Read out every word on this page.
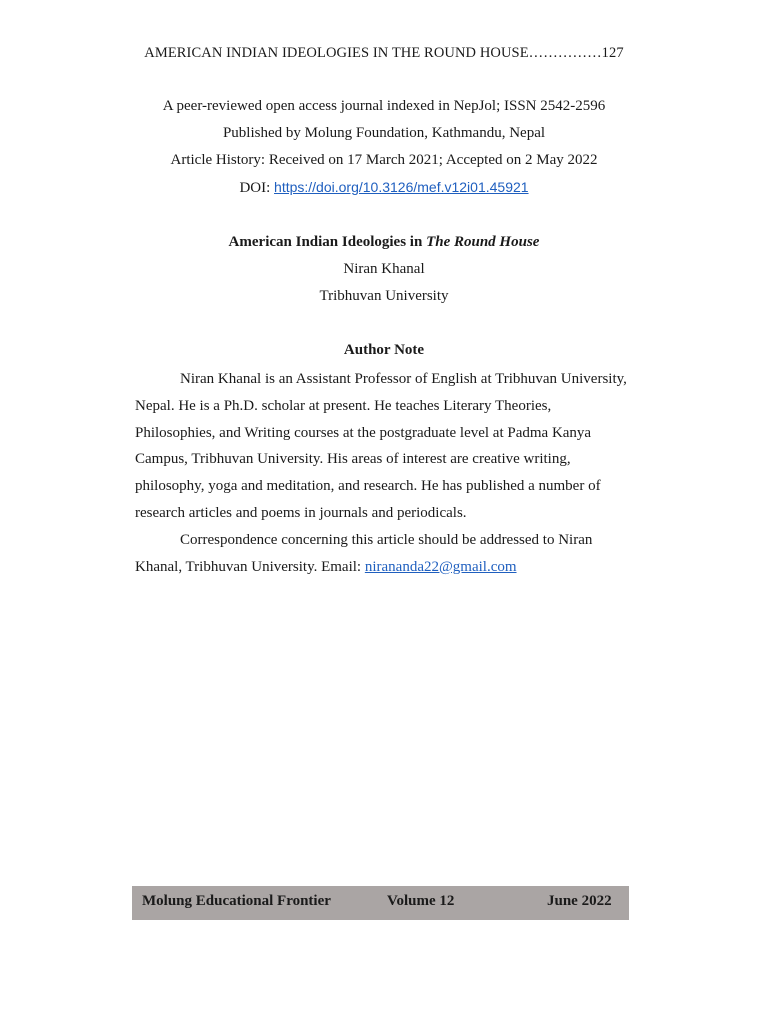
AMERICAN INDIAN IDEOLOGIES IN THE ROUND HOUSE……………127
A peer-reviewed open access journal indexed in NepJol; ISSN 2542-2596
Published by Molung Foundation, Kathmandu, Nepal
Article History: Received on 17 March 2021; Accepted on 2 May 2022
DOI: https://doi.org/10.3126/mef.v12i01.45921
American Indian Ideologies in The Round House
Niran Khanal
Tribhuvan University
Author Note

Niran Khanal is an Assistant Professor of English at Tribhuvan University, Nepal. He is a Ph.D. scholar at present. He teaches Literary Theories, Philosophies, and Writing courses at the postgraduate level at Padma Kanya Campus, Tribhuvan University. His areas of interest are creative writing, philosophy, yoga and meditation, and research. He has published a number of research articles and poems in journals and periodicals.

Correspondence concerning this article should be addressed to Niran Khanal, Tribhuvan University. Email: nirananda22@gmail.com

Molung Educational Frontier	Volume 12	June 2022
